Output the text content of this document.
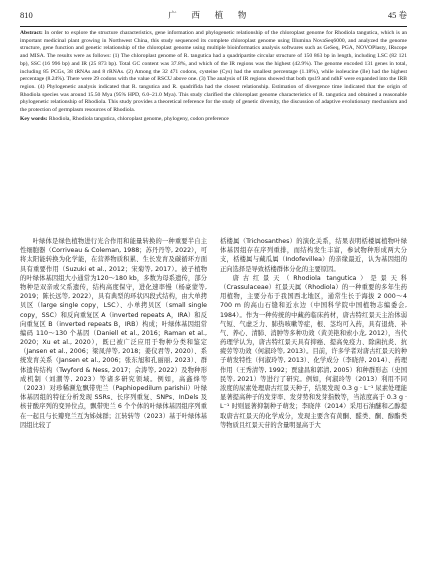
810	广 西 植 物	45 卷
Abstract: In order to explore the structure characteristics, gene information and phylogenetic relationship of the chloroplast genome for Rhodiola tangutica, which is an important medicinal plant growing in Northwest China, this study sequenced its complete chloroplast genome using Illumina NovaSeq6000, and analyzed the genome structure, gene function and genetic relationship of the chloroplast genome using multiple bioinformatics analysis softwares such as GeSeq, PGA, NOVOPlasty, IRscope and MISA. The results were as follows: (1) The chloroplast genome of R. tangutica had a quadripartite circular structure of 150 863 bp in length, including LSC (82 121 bp), SSC (16 996 bp) and IR (25 873 bp). Total GC content was 37.8%, and which of the IR regions was the highest (42.9%). The genome encoded 131 genes in total, including 85 PCGs, 38 tRNAs and 8 rRNAs. (2) Among the 32 471 codons, cysteine (Cys) had the smallest percentage (1.18%), while isoleucine (Ile) had the highest percentage (8.24%). There were 29 codons with the value of RSCU above one. (3) The analysis of IR regions showed that both rps19 and ndhF were expanded into the IRB region. (4) Phylogenetic analysis indicated that R. tangutica and R. quadrifida had the closest relationship. Estimation of divergence time indicated that the origin of Rhodiola species was around 15.50 Mya (95% HPD, 6.0–21.0 Mya). This study clarified the chloroplast genome characteristics of R. tangutica and obtained a reasonable phylogenetic relationship of Rhodiola. This study provides a theoretical reference for the study of genetic diversity, the discussion of adaptive evolutionary mechanism and the protection of germplasm resources of Rhodiola.
Key words: Rhodiola, Rhodiola tangutica, chloroplast genome, phylogeny, codon preference

叶绿体是绿色植物进行光合作用和能量转换的一种重要半自主性细胞器（Corriveau & Coleman, 1988；苏丹丹等, 2022），可将太阳能转换为化学能，在营养物质积累、生长发育及碳循环方面具有重要作用（Suzuki et al., 2012；宋菊等, 2017）。被子植物的叶绿体基因组大小通常为120～180 kb，多数为母系遗传，部分物种是双亲或父系遗传，结构高度保守，进化速率慢（杨豪蒙等, 2019；陈长远等, 2022），具有典型的环状四段式结构，由大单拷贝区（large single copy，LSC）、小单拷贝区（small single copy，SSC）和反向重复区 A（inverted repeats A，IRA）和反向重复区 B（inverted repeats B，IRB）构成；叶绿体基因组常编码 110～130 个基因（Daniell et al., 2016；Raman et al., 2020；Xu et al., 2020），既已被广泛应用于物种分类和鉴定（Jansen et al., 2006；梁凤萍等, 2018；姜仪君等, 2020）、系统发育关系（Jansen et al., 2006；张东旭和孔丽丽, 2023）、群体遗传结构（Twyford & Ness, 2017；佘涛等, 2022）及物种形成机制（刘潮等, 2023）等诸多研究领域。例如，高鑫烽等（2023）对珍稀濒危飘带兜兰（Paphiopedilum parishii）叶绿体基因组的特征分析发现 SSRs、长序列重复、SNPs、InDels 及核苷酸序列的变异位点，飘带兜兰 6 个个体的叶绿体基因组序列重在一起且与长瓣兜兰互为姊妹群；江转转等（2023）基于叶绿体基因组比较了

栝楼属（Trichosanthes）的演化关系，结果表明栝楼属植物叶绿体基因组存在序列重排，而结构发生丰富，参试物种形成两大分支，栝楼属与藏瓜属（Indofevillea）的亲缘最近，认为基因组的正向选择是导致栝楼群体分化的主要原因。

唐古红景天（Rhodiola tangutica）是景天科（Crassulaceae）红景天属（Rhodiola）的一种重要的多年生药用植物，主要分布于我国西北地区，通常生长于海拔 2 000～4 700 m 的高山石缝和近水边（中国科学院中国植物志编委会, 1984）。作为一种传统的中藏药临床药材，唐古特红景天主治体弱气短、气虚乏力、肺热咳嗽等症，根、茎均可入药，具有退烧、补气、养心、清肺、消肿等多种功效（黄美艳和索小龙, 2012），当代药理学认为，唐古特红景天具有抑癌、提高免疫力、除菌抗炎、抗疲劳等功效（何淑玲等, 2013）。目前，许多学者对唐古红景天的种子萌发特性（何淑玲等, 2013）、化学成分（李晓萍, 2014）、药理作用（王秀清等, 1992；贾建昌和郭清, 2005）和种群形态（史国民等, 2021）等进行了研究。例如，何淑玲等（2013）利用不同浓度的尿素处理唐古红景天种子，结果发现 0.3 g · L⁻¹ 尿素处理能显著提高种子的发芽率、发芽势和发芽指数等，当浓度高于 0.3 g · L⁻¹ 时则显著抑制种子萌发；李晓萍（2014）采用石油醚和乙醇提取唐古红景天的化学成分，发现主要含有黄酮、醛类、酮、醇酯类等物质且红景天苷的含量明显高于大
